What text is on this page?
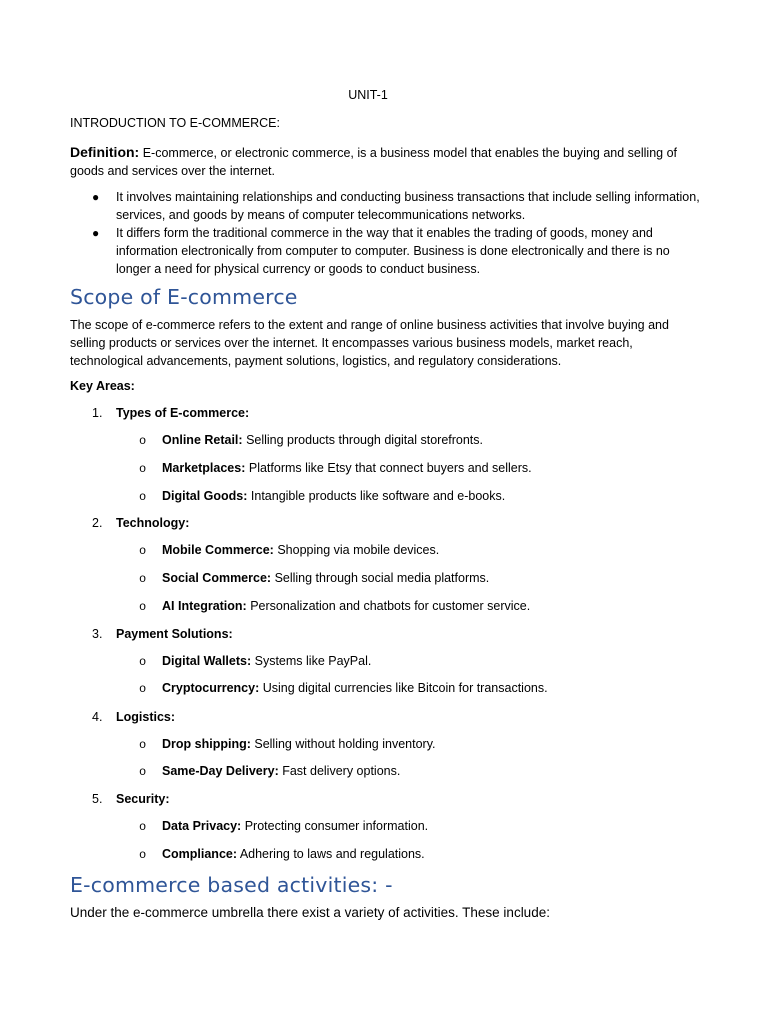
UNIT-1
INTRODUCTION TO E-COMMERCE:
Definition: E-commerce, or electronic commerce, is a business model that enables the buying and selling of goods and services over the internet.
● It involves maintaining relationships and conducting business transactions that include selling information, services, and goods by means of computer telecommunications networks.
● It differs form the traditional commerce in the way that it enables the trading of goods, money and information electronically from computer to computer. Business is done electronically and there is no longer a need for physical currency or goods to conduct business.
Scope of E-commerce
The scope of e-commerce refers to the extent and range of online business activities that involve buying and selling products or services over the internet. It encompasses various business models, market reach, technological advancements, payment solutions, logistics, and regulatory considerations.
Key Areas:
1. Types of E-commerce:
o Online Retail: Selling products through digital storefronts.
o Marketplaces: Platforms like Etsy that connect buyers and sellers.
o Digital Goods: Intangible products like software and e-books.
2. Technology:
o Mobile Commerce: Shopping via mobile devices.
o Social Commerce: Selling through social media platforms.
o AI Integration: Personalization and chatbots for customer service.
3. Payment Solutions:
o Digital Wallets: Systems like PayPal.
o Cryptocurrency: Using digital currencies like Bitcoin for transactions.
4. Logistics:
o Drop shipping: Selling without holding inventory.
o Same-Day Delivery: Fast delivery options.
5. Security:
o Data Privacy: Protecting consumer information.
o Compliance: Adhering to laws and regulations.
E-commerce based activities: -
Under the e-commerce umbrella there exist a variety of activities. These include:
